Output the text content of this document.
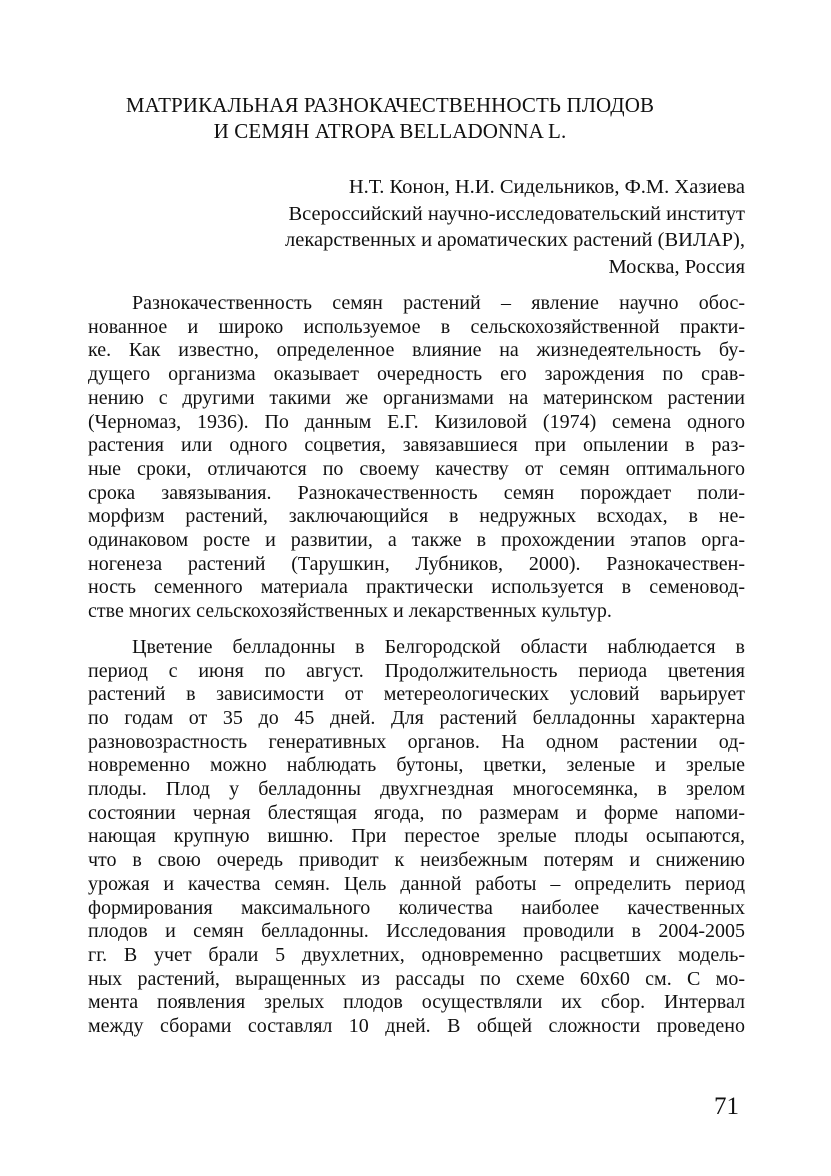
МАТРИКАЛЬНАЯ РАЗНОКАЧЕСТВЕННОСТЬ ПЛОДОВ
И СЕМЯН ATROPA BELLADONNA L.
Н.Т. Конон, Н.И. Сидельников, Ф.М. Хазиева
Всероссийский научно-исследовательский институт
лекарственных и ароматических растений (ВИЛАР),
Москва, Россия

Разнокачественность семян растений – явление научно обос-
нованное и широко используемое в сельскохозяйственной практи-
ке. Как известно, определенное влияние на жизнедеятельность бу-
дущего организма оказывает очередность его зарождения по срав-
нению с другими такими же организмами на материнском растении
(Черномаз, 1936). По данным Е.Г. Кизиловой (1974) семена одного
растения или одного соцветия, завязавшиеся при опылении в раз-
ные сроки, отличаются по своему качеству от семян оптимального
срока завязывания. Разнокачественность семян порождает поли-
морфизм растений, заключающийся в недружных всходах, в не-
одинаковом росте и развитии, а также в прохождении этапов орга-
ногенеза растений (Тарушкин, Лубников, 2000). Разнокачествен-
ность семенного материала практически используется в семеновод-
стве многих сельскохозяйственных и лекарственных культур.

Цветение белладонны в Белгородской области наблюдается в
период с июня по август. Продолжительность периода цветения
растений в зависимости от метереологических условий варьирует
по годам от 35 до 45 дней. Для растений белладонны характерна
разновозрастность генеративных органов. На одном растении од-
новременно можно наблюдать бутоны, цветки, зеленые и зрелые
плоды. Плод у белладонны двухгнездная многосемянка, в зрелом
состоянии черная блестящая ягода, по размерам и форме напоми-
нающая крупную вишню. При перестое зрелые плоды осыпаются,
что в свою очередь приводит к неизбежным потерям и снижению
урожая и качества семян. Цель данной работы – определить период
формирования максимального количества наиболее качественных
плодов и семян белладонны. Исследования проводили в 2004-2005
гг. В учет брали 5 двухлетних, одновременно расцветших модель-
ных растений, выращенных из рассады по схеме 60х60 см. С мо-
мента появления зрелых плодов осуществляли их сбор. Интервал
между сборами составлял 10 дней. В общей сложности проведено

71
